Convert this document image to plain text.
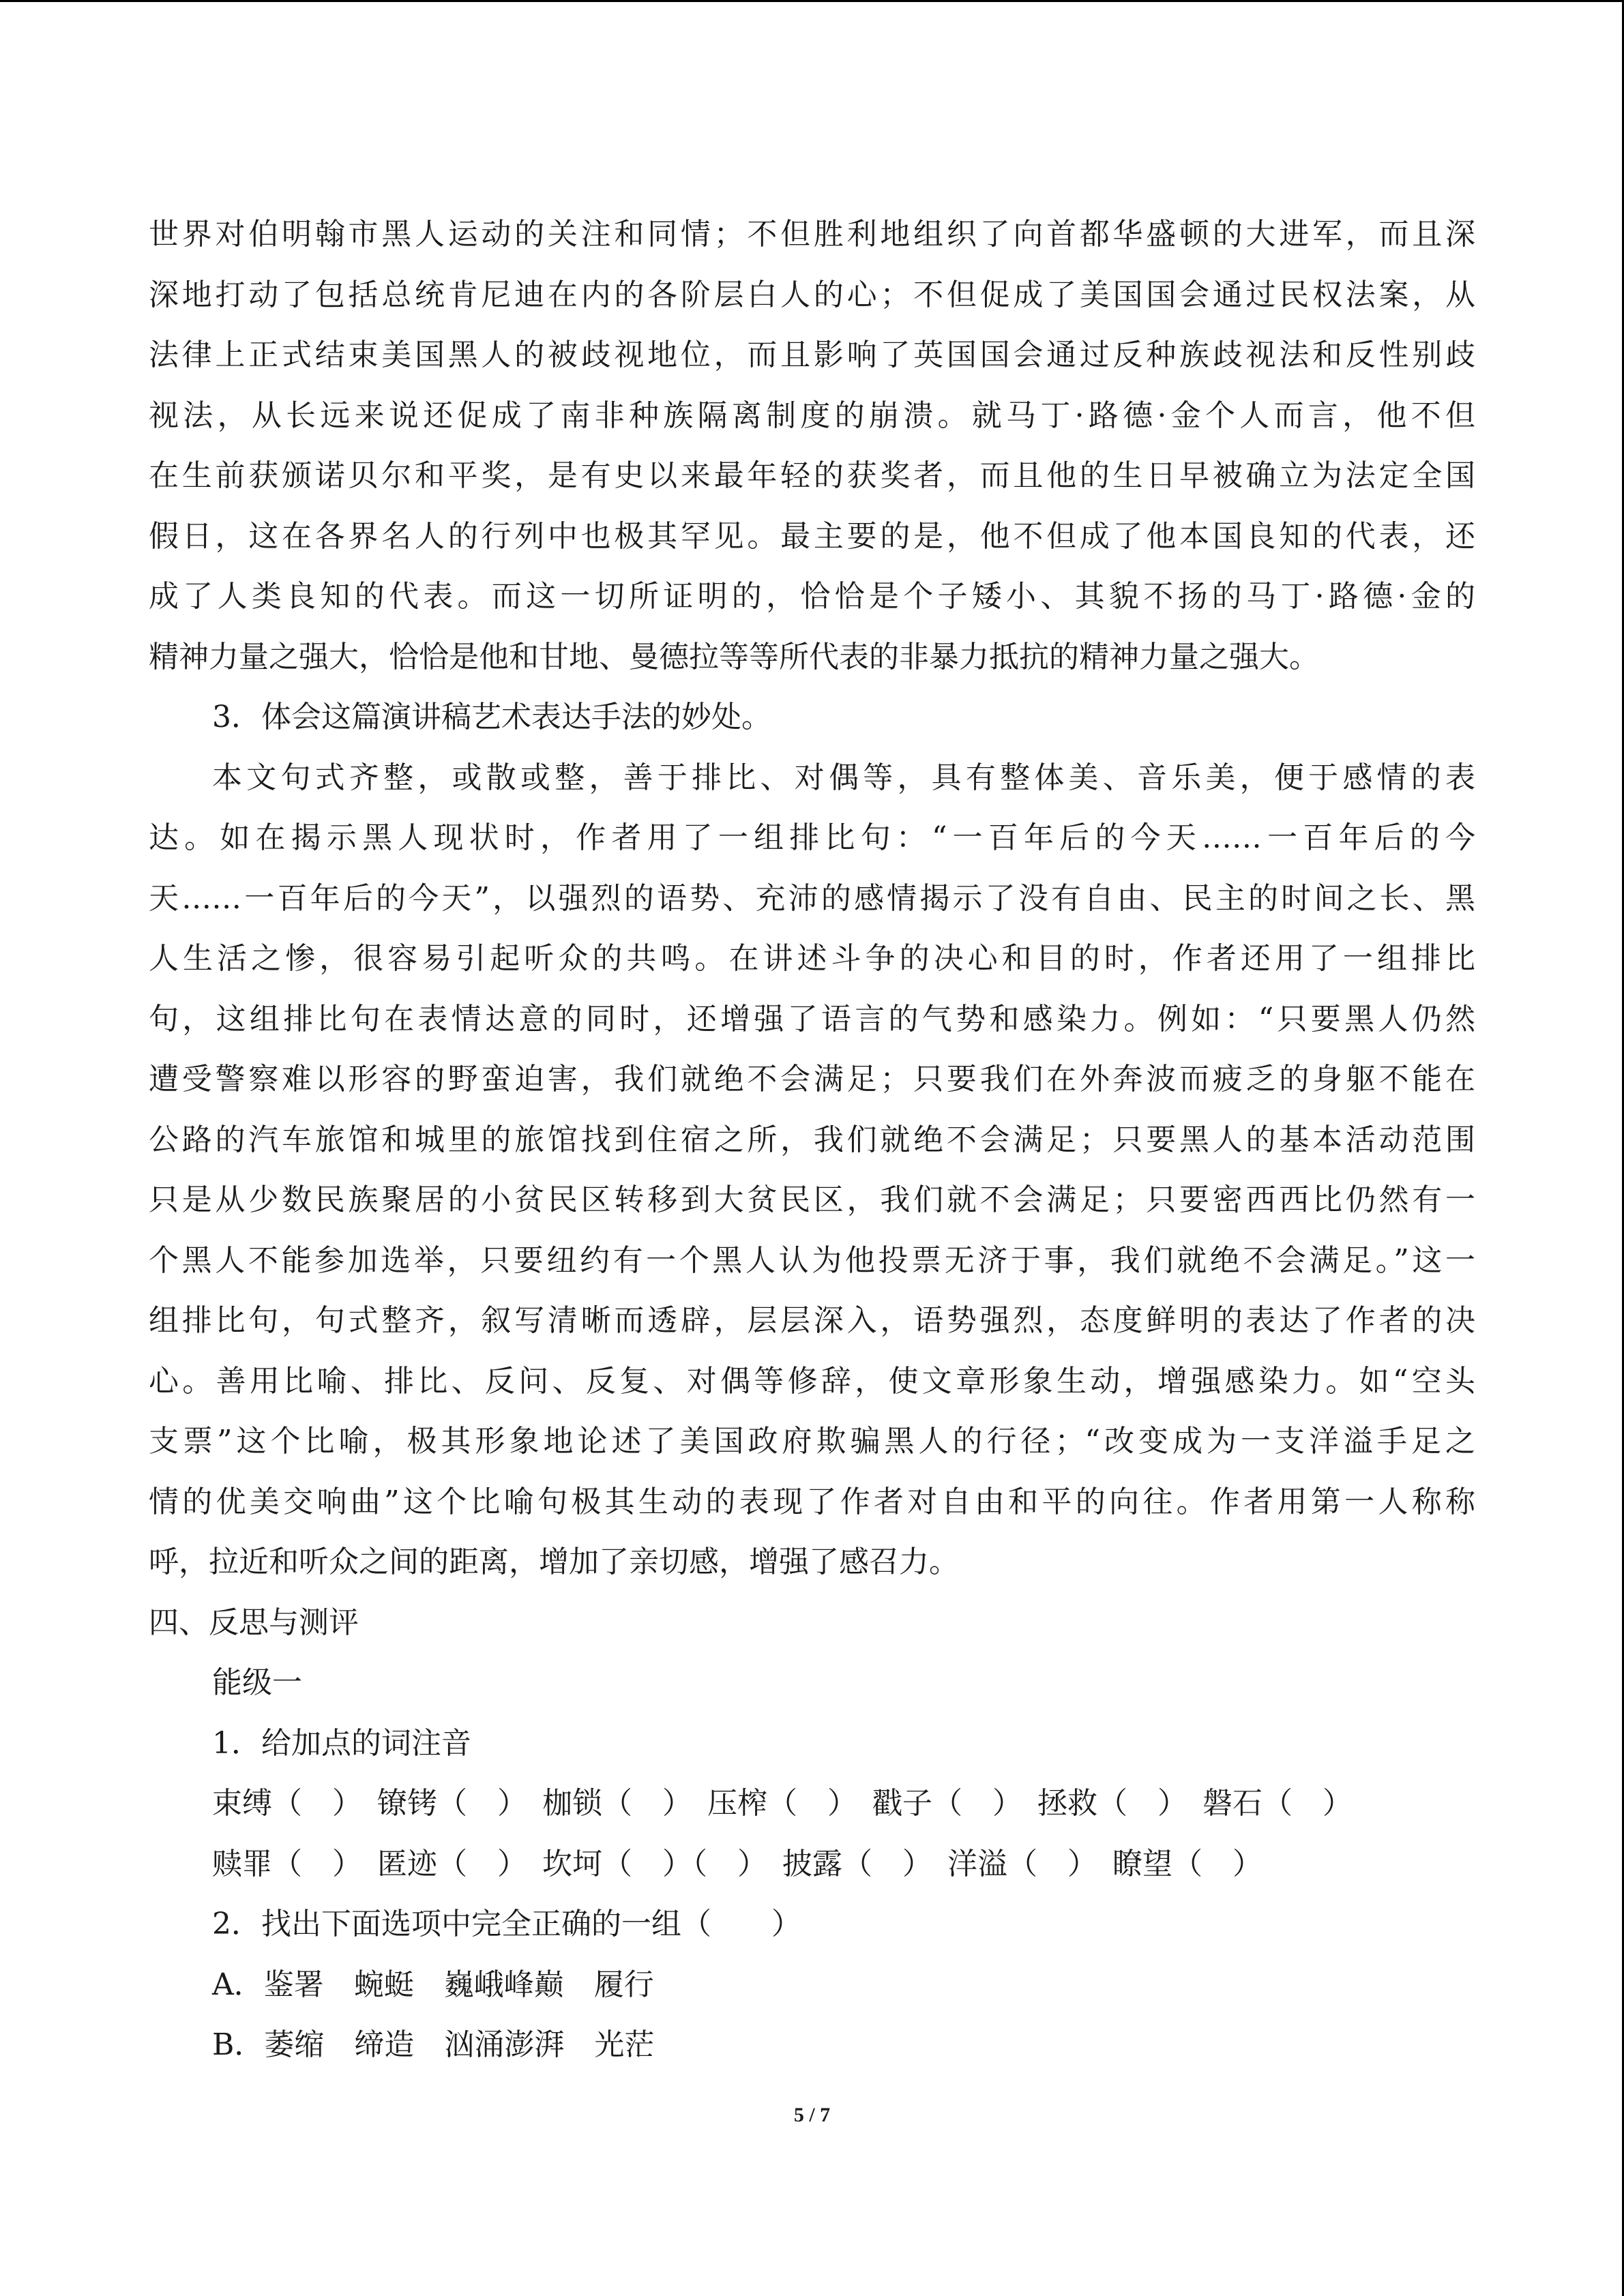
世界对伯明翰市黑人运动的关注和同情；不但胜利地组织了向首都华盛顿的大进军，而且深

深地打动了包括总统肯尼迪在内的各阶层白人的心；不但促成了美国国会通过民权法案，从

法律上正式结束美国黑人的被歧视地位，而且影响了英国国会通过反种族歧视法和反性别歧

视法，从长远来说还促成了南非种族隔离制度的崩溃。就马丁·路德·金个人而言，他不但

在生前获颁诺贝尔和平奖，是有史以来最年轻的获奖者，而且他的生日早被确立为法定全国

假日，这在各界名人的行列中也极其罕见。最主要的是，他不但成了他本国良知的代表，还

成了人类良知的代表。而这一切所证明的，恰恰是个子矮小、其貌不扬的马丁·路德·金的

精神力量之强大，恰恰是他和甘地、曼德拉等等所代表的非暴力抵抗的精神力量之强大。

3．体会这篇演讲稿艺术表达手法的妙处。

本文句式齐整，或散或整，善于排比、对偶等，具有整体美、音乐美，便于感情的表

达。如在揭示黑人现状时，作者用了一组排比句：“一百年后的今天……一百年后的今

天……一百年后的今天”，以强烈的语势、充沛的感情揭示了没有自由、民主的时间之长、黑

人生活之惨，很容易引起听众的共鸣。在讲述斗争的决心和目的时，作者还用了一组排比

句，这组排比句在表情达意的同时，还增强了语言的气势和感染力。例如：“只要黑人仍然

遭受警察难以形容的野蛮迫害，我们就绝不会满足；只要我们在外奔波而疲乏的身躯不能在

公路的汽车旅馆和城里的旅馆找到住宿之所，我们就绝不会满足；只要黑人的基本活动范围

只是从少数民族聚居的小贫民区转移到大贫民区，我们就不会满足；只要密西西比仍然有一

个黑人不能参加选举，只要纽约有一个黑人认为他投票无济于事，我们就绝不会满足。”这一

组排比句，句式整齐，叙写清晰而透辟，层层深入，语势强烈，态度鲜明的表达了作者的决

心。善用比喻、排比、反问、反复、对偶等修辞，使文章形象生动，增强感染力。如“空头

支票”这个比喻，极其形象地论述了美国政府欺骗黑人的行径；“改变成为一支洋溢手足之

情的优美交响曲”这个比喻句极其生动的表现了作者对自由和平的向往。作者用第一人称称

呼，拉近和听众之间的距离，增加了亲切感，增强了感召力。

四、反思与测评

能级一

1．给加点的词注音

束缚（　）　镣铐（　）　枷锁（　）　压榨（　）　戳子（　）　拯救（　）　磐石（　）

赎罪（　）　匿迹（　）　坎坷（　）（　）　披露（　）　洋溢（　）　瞭望（　）

2．找出下面选项中完全正确的一组（　　）

A．鉴署　蜿蜓　巍峨峰巅　履行

B．萎缩　缔造　汹涌澎湃　光茫

5 / 7
